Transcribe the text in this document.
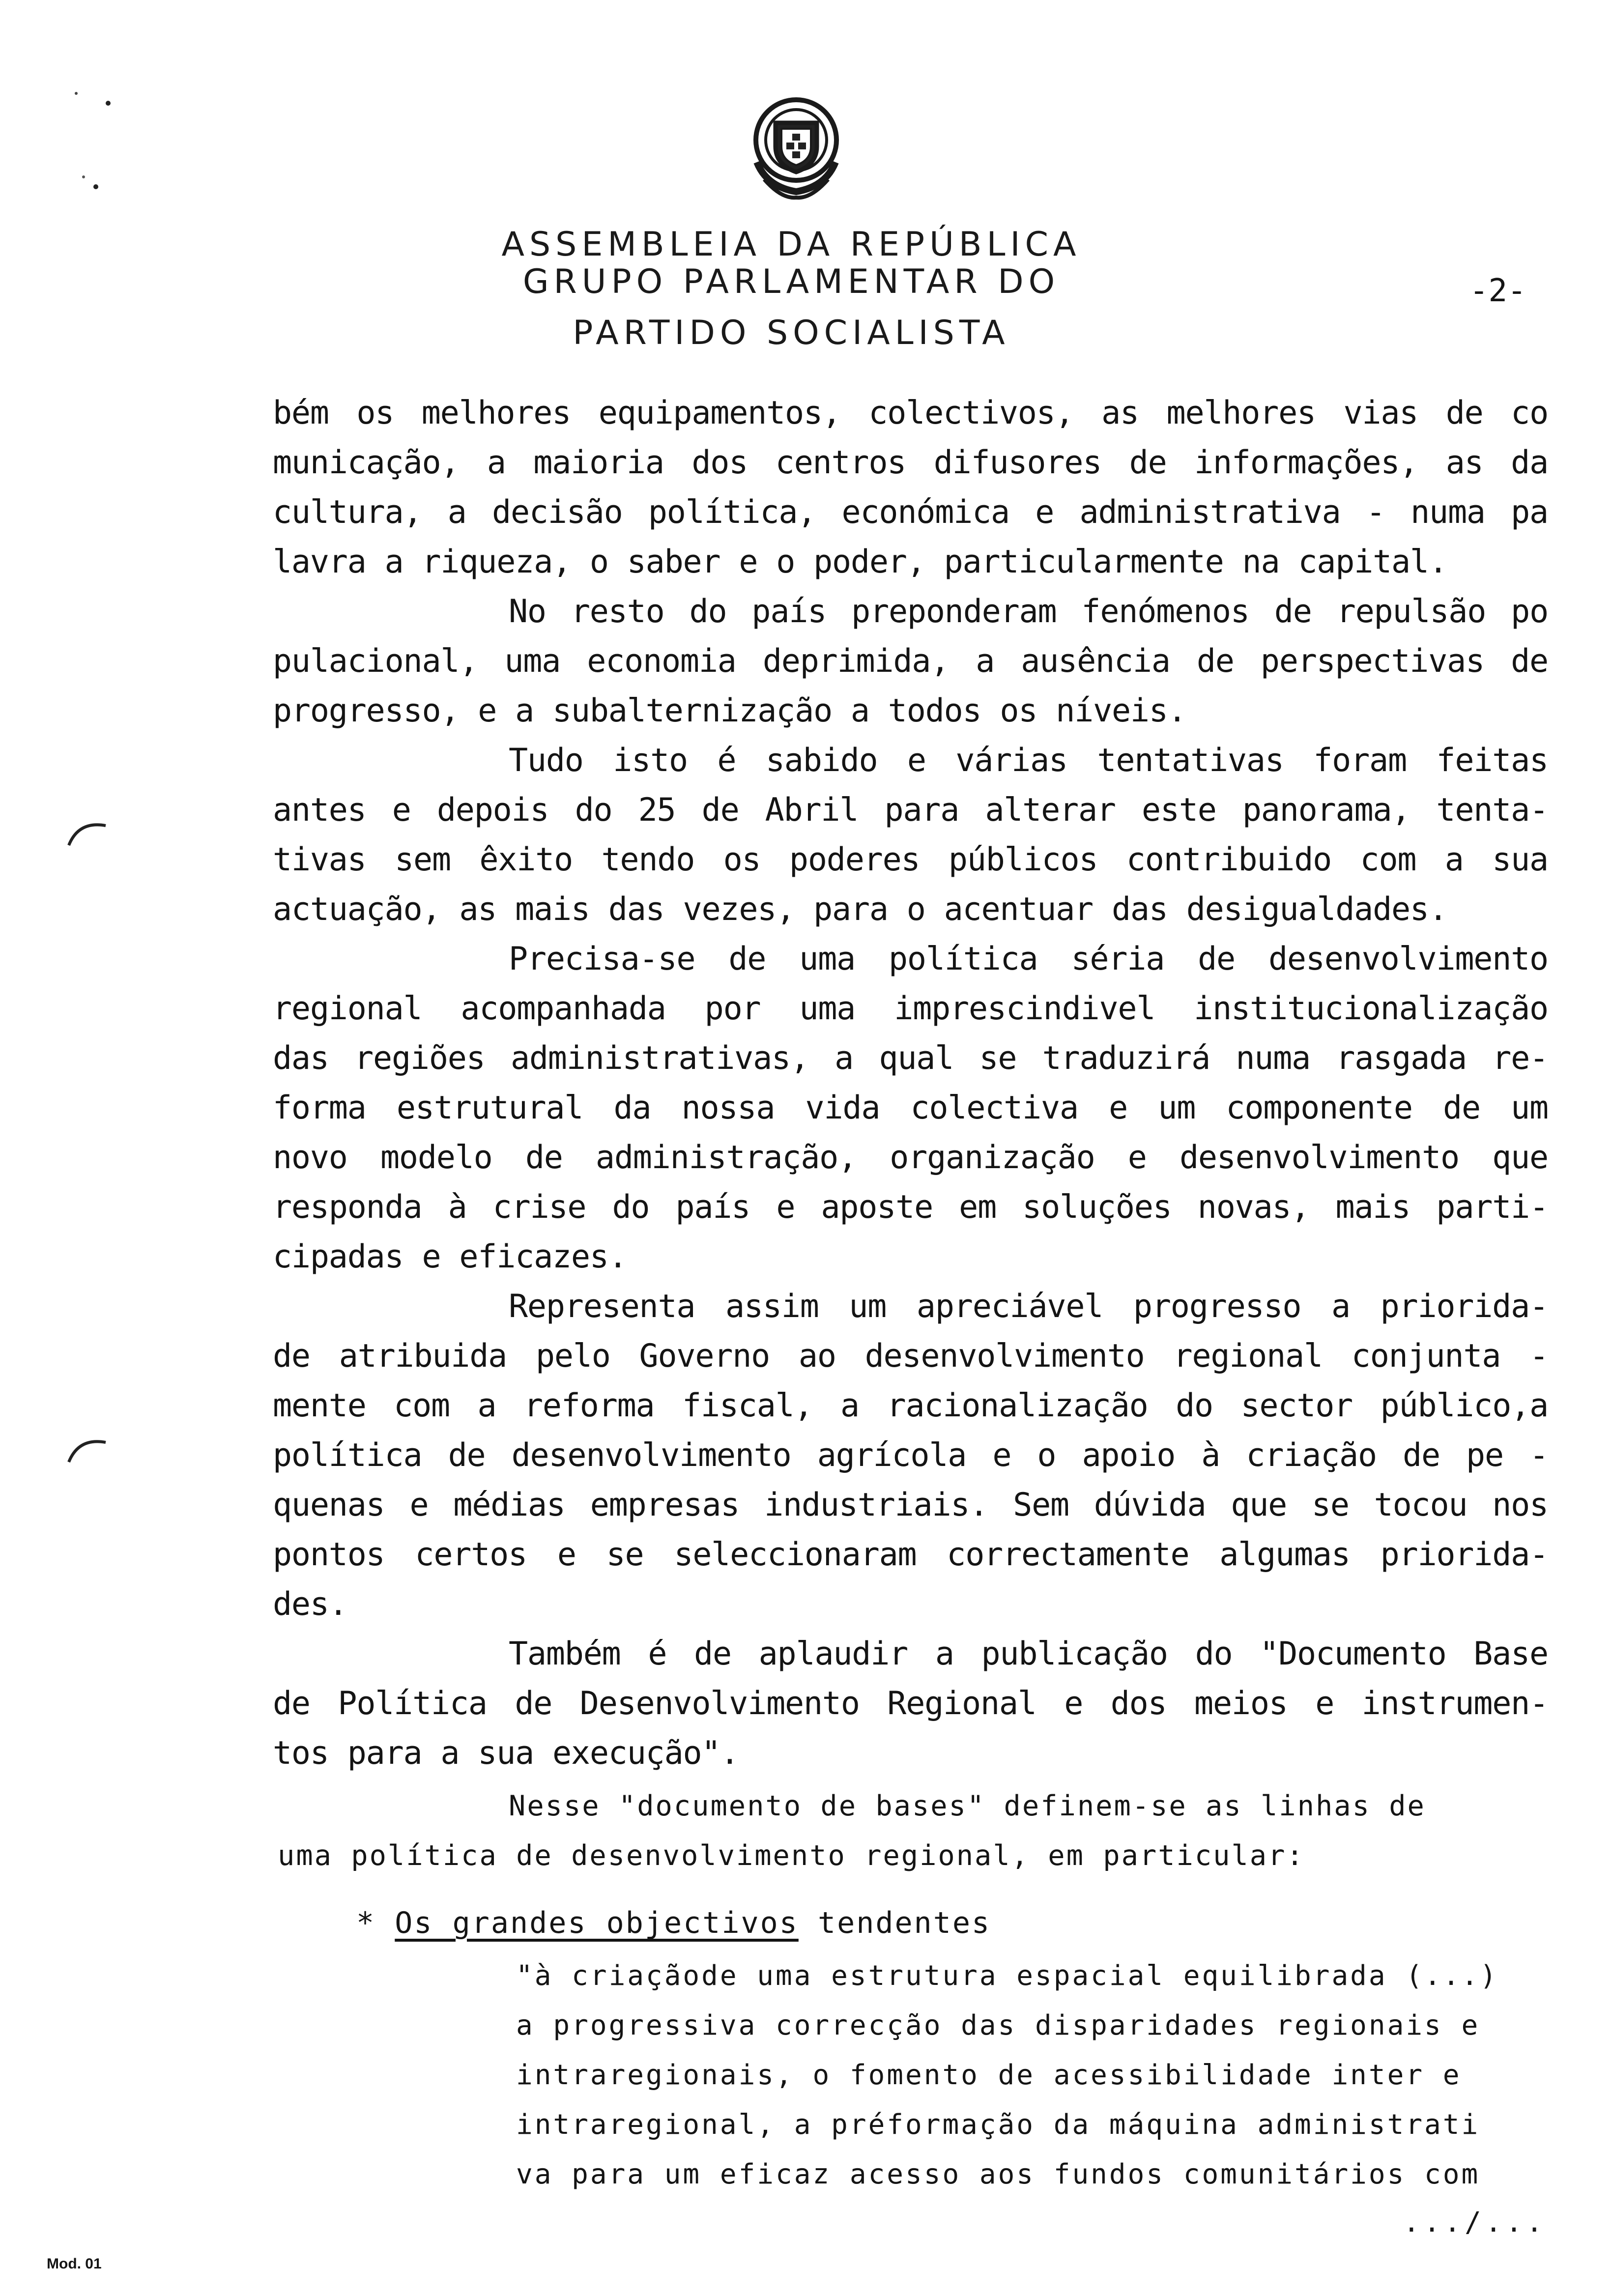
ASSEMBLEIA DA REPÚBLICA
GRUPO PARLAMENTAR DO
PARTIDO SOCIALISTA
-2-
bém os melhores equipamentos, colectivos, as melhores vias de co
municação, a maioria dos centros difusores de informações, as da
cultura, a decisão política, económica e administrativa - numa pa
lavra a riqueza, o saber e o poder, particularmente na capital.
No resto do país preponderam fenómenos de repulsão po
pulacional, uma economia deprimida, a ausência de perspectivas de
progresso, e a subalternização a todos os níveis.
Tudo isto é sabido e várias tentativas foram feitas
antes e depois do 25 de Abril para alterar este panorama, tenta-
tivas sem êxito tendo os poderes públicos contribuido com a sua
actuação, as mais das vezes, para o acentuar das desigualdades.
Precisa-se de uma política séria de desenvolvimento
regional acompanhada por uma imprescindivel institucionalização
das regiões administrativas, a qual se traduzirá numa rasgada re-
forma estrutural da nossa vida colectiva e um componente de um
novo modelo de administração, organização e desenvolvimento que
responda à crise do país e aposte em soluções novas, mais parti-
cipadas e eficazes.
Representa assim um apreciável progresso a priorida-
de atribuida pelo Governo ao desenvolvimento regional conjunta -
mente com a reforma fiscal, a racionalização do sector público,a
política de desenvolvimento agrícola e o apoio à criação de pe -
quenas e médias empresas industriais. Sem dúvida que se tocou nos
pontos certos e se seleccionaram correctamente algumas priorida-
des.
Também é de aplaudir a publicação do "Documento Base
de Política de Desenvolvimento Regional e dos meios e instrumen-
tos para a sua execução".
Nesse "documento de bases" definem-se as linhas de
uma política de desenvolvimento regional, em particular:
* Os grandes objectivos tendentes
"à criaçãode uma estrutura espacial equilibrada (...)
a progressiva correcção das disparidades regionais e
intraregionais, o fomento de acessibilidade inter e
intraregional, a préformação da máquina administrati
va para um eficaz acesso aos fundos comunitários com
.../...
Mod. 01
